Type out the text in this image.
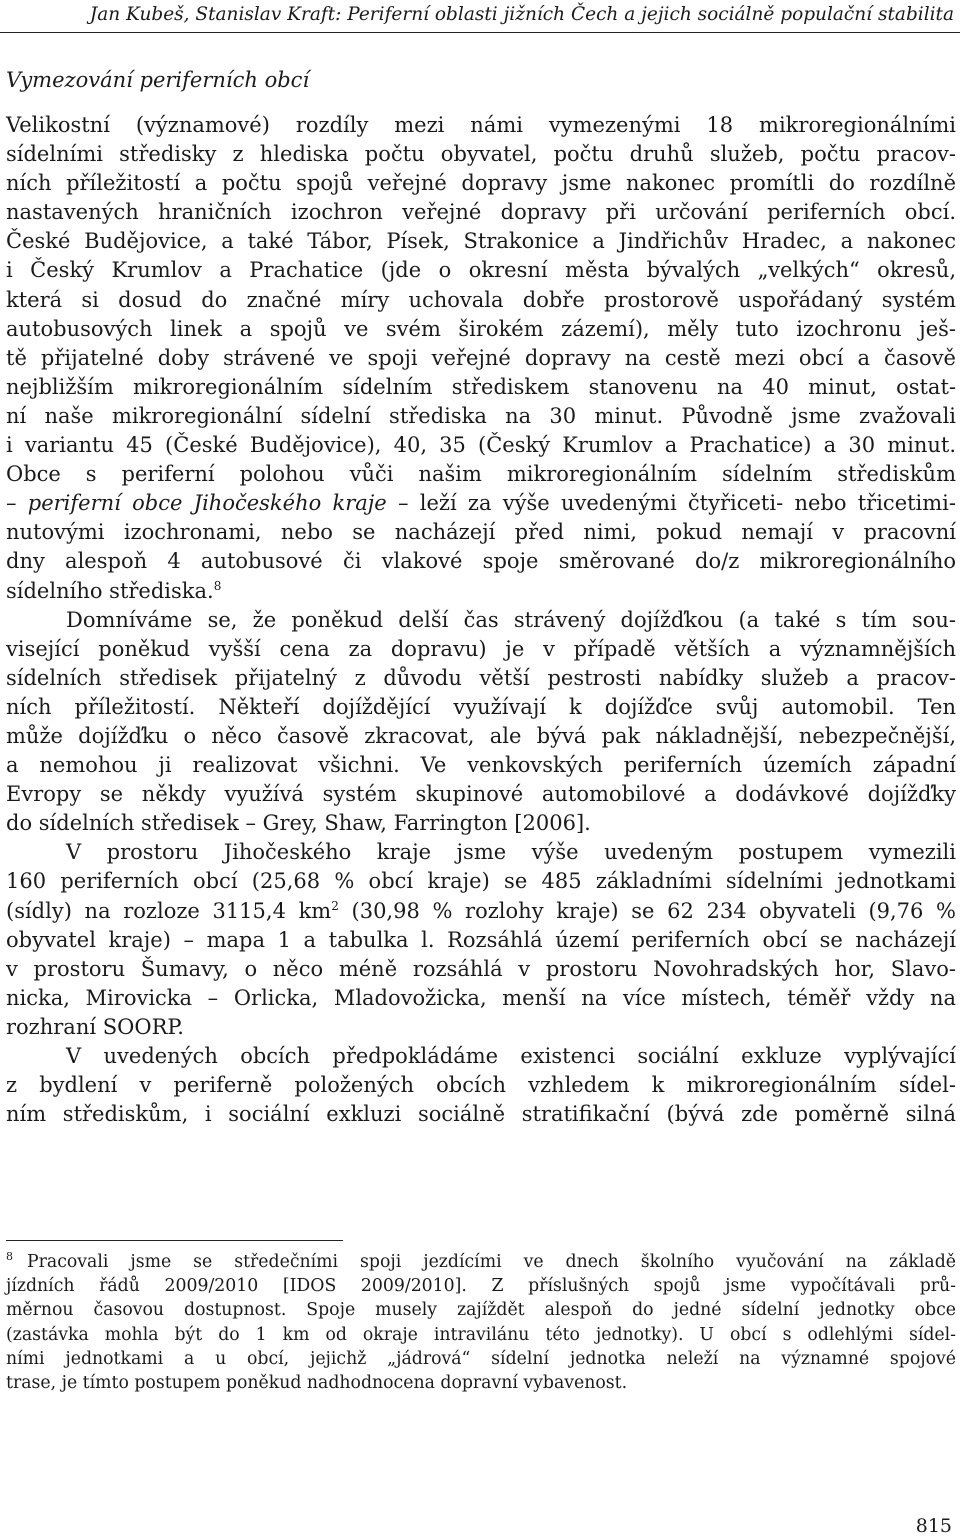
Jan Kubeš, Stanislav Kraft: Periferní oblasti jižních Čech a jejich sociálně populační stabilita
Vymezování periferních obcí
Velikostní (významové) rozdíly mezi námi vymezenými 18 mikroregionálními
sídelními středisky z hlediska počtu obyvatel, počtu druhů služeb, počtu pracov-
ních příležitostí a počtu spojů veřejné dopravy jsme nakonec promítli do rozdílně
nastavených hraničních izochron veřejné dopravy při určování periferních obcí.
České Budějovice, a také Tábor, Písek, Strakonice a Jindřichův Hradec, a nakonec
i Český Krumlov a Prachatice (jde o okresní města bývalých „velkých“ okresů,
která si dosud do značné míry uchovala dobře prostorově uspořádaný systém
autobusových linek a spojů ve svém širokém zázemí), měly tuto izochronu ješ-
tě přijatelné doby strávené ve spoji veřejné dopravy na cestě mezi obcí a časově
nejbližším mikroregionálním sídelním střediskem stanovenu na 40 minut, ostat-
ní naše mikroregionální sídelní střediska na 30 minut. Původně jsme zvažovali
i variantu 45 (České Budějovice), 40, 35 (Český Krumlov a Prachatice) a 30 minut.
Obce s periferní polohou vůči našim mikroregionálním sídelním střediskům
– periferní obce Jihočeského kraje – leží za výše uvedenými čtyřiceti- nebo třicetimi-
nutovými izochronami, nebo se nacházejí před nimi, pokud nemají v pracovní
dny alespoň 4 autobusové či vlakové spoje směrované do/z mikroregionálního
sídelního střediska.$^8$
Domníváme se, že poněkud delší čas strávený dojížďkou (a také s tím sou-
visející poněkud vyšší cena za dopravu) je v případě větších a významnějších
sídelních středisek přijatelný z důvodu větší pestrosti nabídky služeb a pracov-
ních příležitostí. Někteří dojíždějící využívají k dojížďce svůj automobil. Ten
může dojížďku o něco časově zkracovat, ale bývá pak nákladnější, nebezpečnější,
a nemohou ji realizovat všichni. Ve venkovských periferních územích západní
Evropy se někdy využívá systém skupinové automobilové a dodávkové dojížďky
do sídelních středisek – Grey, Shaw, Farrington [2006].
V prostoru Jihočeského kraje jsme výše uvedeným postupem vymezili
160 periferních obcí (25,68 % obcí kraje) se 485 základními sídelními jednotkami
(sídly) na rozloze 3115,4 $km^2$ (30,98 % rozlohy kraje) se 62 234 obyvateli (9,76 %
obyvatel kraje) – mapa 1 a tabulka l. Rozsáhlá území periferních obcí se nacházejí
v prostoru Šumavy, o něco méně rozsáhlá v prostoru Novohradských hor, Slavo-
nicka, Mirovicka – Orlicka, Mladovožicka, menší na více místech, téměř vždy na
rozhraní SOORP.
V uvedených obcích předpokládáme existenci sociální exkluze vyplývající
z bydlení v periferně položených obcích vzhledem k mikroregionálním sídel-
ním střediskům, i sociální exkluzi sociálně stratifikační (bývá zde poměrně silná
$^8$ Pracovali jsme se středečními spoji jezdícími ve dnech školního vyučování na základě
jízdních řádů 2009/2010 [IDOS 2009/2010]. Z příslušných spojů jsme vypočítávali prů-
měrnou časovou dostupnost. Spoje musely zajíždět alespoň do jedné sídelní jednotky obce
(zastávka mohla být do 1 km od okraje intravilánu této jednotky). U obcí s odlehlými sídel-
ními jednotkami a u obcí, jejichž „jádrová“ sídelní jednotka neleží na významné spojové
trase, je tímto postupem poněkud nadhodnocena dopravní vybavenost.
815
